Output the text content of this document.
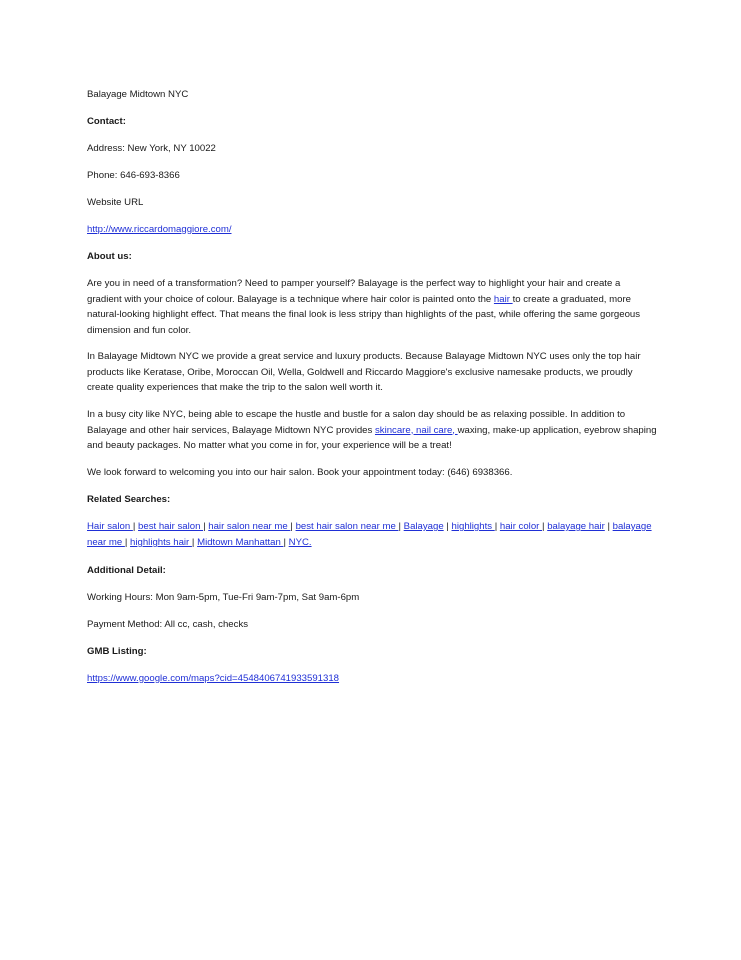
Balayage Midtown NYC

Contact:

Address: New York, NY 10022

Phone: 646-693-8366

Website URL

http://www.riccardomaggiore.com/

About us:

Are you in need of a transformation? Need to pamper yourself? Balayage is the perfect way to highlight your hair and create a gradient with your choice of colour. Balayage is a technique where hair color is painted onto the hair to create a graduated, more natural-looking highlight effect. That means the final look is less stripy than highlights of the past, while offering the same gorgeous dimension and fun color.

In Balayage Midtown NYC we provide a great service and luxury products. Because Balayage Midtown NYC uses only the top hair products like Keratase, Oribe, Moroccan Oil, Wella, Goldwell and Riccardo Maggiore's exclusive namesake products, we proudly create quality experiences that make the trip to the salon well worth it.

In a busy city like NYC, being able to escape the hustle and bustle for a salon day should be as relaxing possible. In addition to Balayage and other hair services, Balayage Midtown NYC provides skincare, nail care, waxing, make-up application, eyebrow shaping and beauty packages. No matter what you come in for, your experience will be a treat!

We look forward to welcoming you into our hair salon. Book your appointment today: (646) 6938366.

Related Searches:

Hair salon | best hair salon | hair salon near me | best hair salon near me | Balayage | highlights | hair color | balayage hair | balayage near me | highlights hair | Midtown Manhattan | NYC.

Additional Detail:

Working Hours: Mon 9am-5pm, Tue-Fri 9am-7pm, Sat 9am-6pm

Payment Method: All cc, cash, checks

GMB Listing:

https://www.google.com/maps?cid=4548406741933591318
